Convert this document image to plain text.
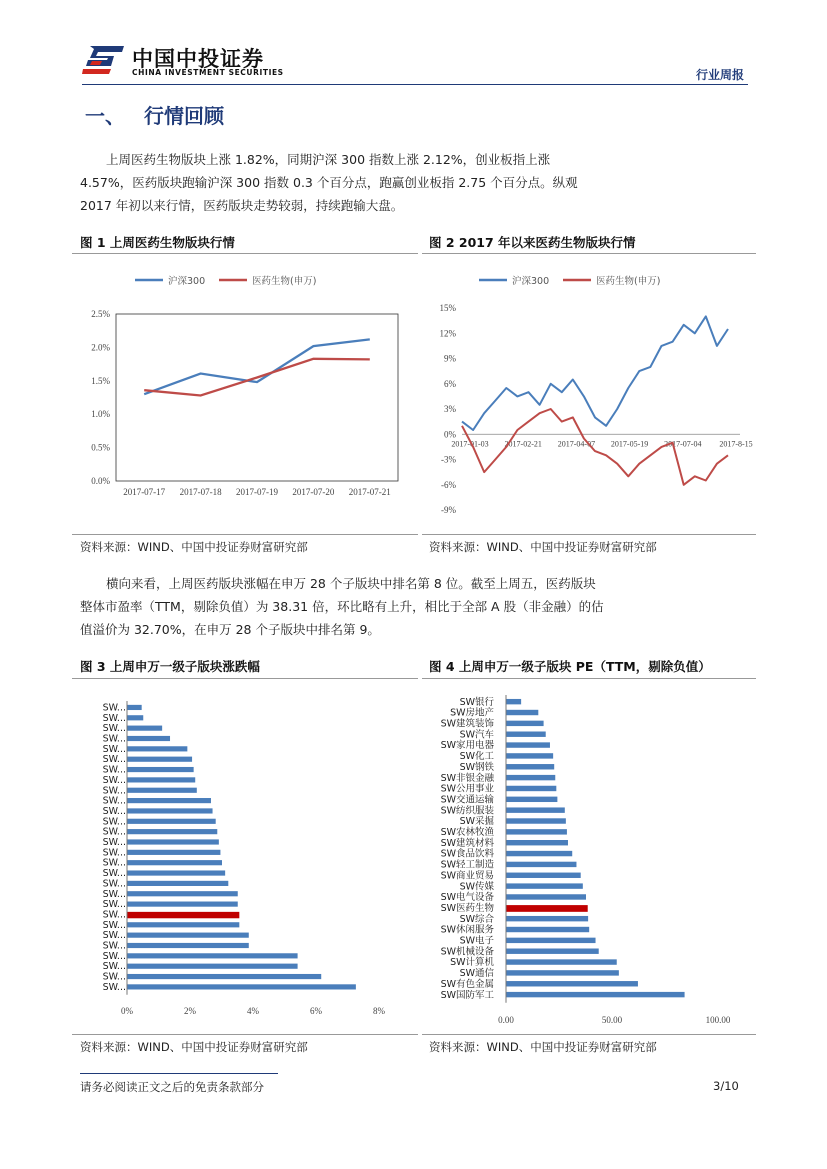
中国中投证券
CHINA INVESTMENT SECURITIES	行业周报
一、 行情回顾
上周医药生物版块上涨 1.82%，同期沪深 300 指数上涨 2.12%，创业板指上涨 4.57%，医药版块跑输沪深 300 指数 0.3 个百分点，跑赢创业板指 2.75 个百分点。纵观 2017 年初以来行情，医药版块走势较弱，持续跑输大盘。
图 1 上周医药生物版块行情	图 2 2017 年以来医药生物版块行情
沪深300	医药生物(申万)
0.0%
0.5%
1.0%
1.5%
2.0%
2.5%
2017-07-17 2017-07-18 2017-07-19 2017-07-20 2017-07-21
沪深300	医药生物(申万)
15%
12%
9%
6%
3%
0%
-3%
-6%
-9%
2017-01-03 2017-02-21 2017-04-07 2017-05-19 2017-07-04 2017-8-15
资料来源：WIND、中国中投证券财富研究部	资料来源：WIND、中国中投证券财富研究部
横向来看，上周医药版块涨幅在申万 28 个子版块中排名第 8 位。截至上周五，医药版块整体市盈率（TTM，剔除负值）为 38.31 倍，环比略有上升，相比于全部 A 股（非金融）的估值溢价为 32.70%，在申万 28 个子版块中排名第 9。
图 3 上周申万一级子版块涨跌幅	图 4 上周申万一级子版块 PE（TTM，剔除负值）
SW...
SW...
SW...
SW...
SW...
SW...
SW...
SW...
SW...
SW...
SW...
SW...
SW...
SW...
SW...
SW...
SW...
SW...
SW...
SW...
SW...
SW...
SW...
SW...
SW...
SW...
SW...
SW...
0%	2%	4%	6%	8%
SW银行
SW房地产
SW建筑装饰
SW汽车
SW家用电器
SW化工
SW钢铁
SW非银金融
SW公用事业
SW交通运输
SW纺织服装
SW采掘
SW农林牧渔
SW建筑材料
SW食品饮料
SW轻工制造
SW商业贸易
SW传媒
SW电气设备
SW医药生物
SW综合
SW休闲服务
SW电子
SW机械设备
SW计算机
SW通信
SW有色金属
SW国防军工
0.00	50.00	100.00
资料来源：WIND、中国中投证券财富研究部	资料来源：WIND、中国中投证券财富研究部
请务必阅读正文之后的免责条款部分	3/10
